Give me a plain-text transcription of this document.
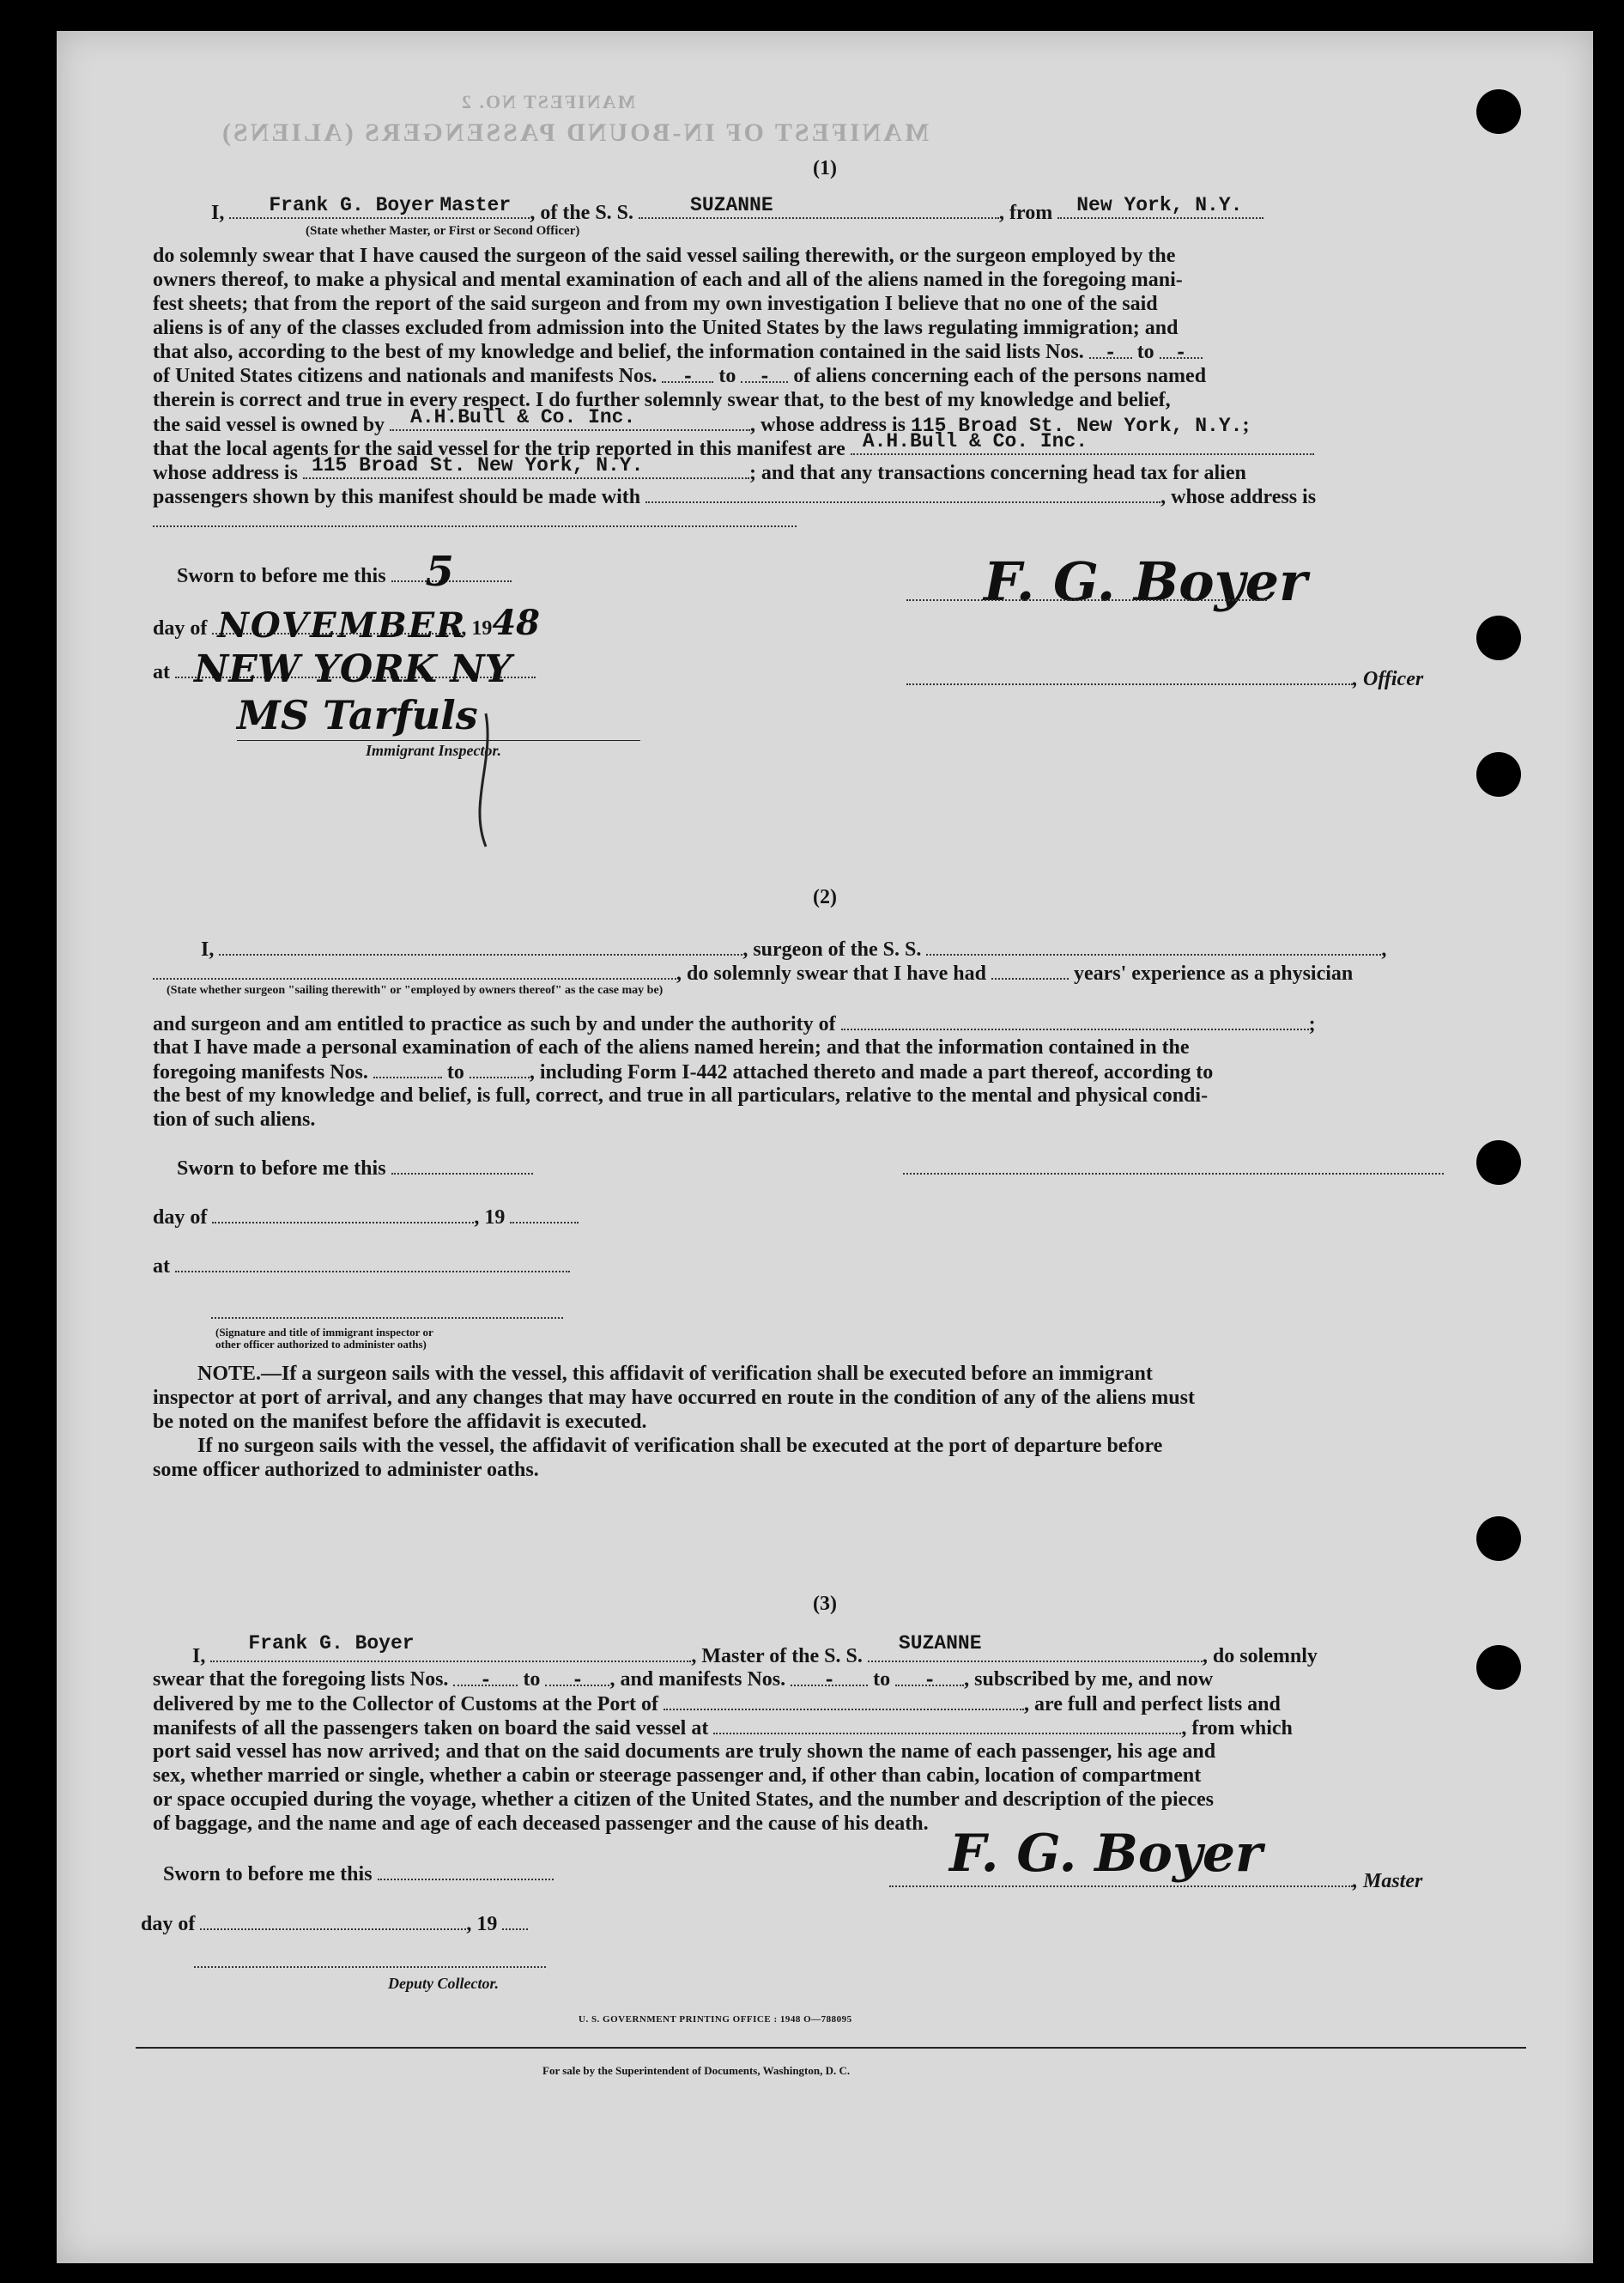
MANIFEST NO. 2
MANIFEST OF IN-BOUND PASSENGERS (ALIENS)
(1)
I, Frank G. Boyer Master , of the S. S.	SUZANNE	, from New York, N.Y.
(State whether Master, or First or Second Officer)
do solemnly swear that I have caused the surgeon of the said vessel sailing therewith, or the surgeon employed by the
owners thereof, to make a physical and mental examination of each and all of the aliens named in the foregoing mani-
fest sheets; that from the report of the said surgeon and from my own investigation I believe that no one of the said
aliens is of any of the classes excluded from admission into the United States by the laws regulating immigration; and
that also, according to the best of my knowledge and belief, the information contained in the said lists Nos. - to -
of United States citizens and nationals and manifests Nos. - to - of aliens concerning each of the persons named
therein is correct and true in every respect. I do further solemnly swear that, to the best of my knowledge and belief,
the said vessel is owned by A.H.Bull & Co. Inc.	, whose address is 115 Broad St. New York, N.Y.;
that the local agents for the said vessel for the trip reported in this manifest are A.H.Bull & Co. Inc.
whose address is 115 Broad St. New York, N.Y.	; and that any transactions concerning head tax for alien
passengers shown by this manifest should be made with	, whose address is
Sworn to before me this 5
day of NOVEMBER
, 1948
at NEW YORK NY
MS Tarfuls
Immigrant Inspector.
F. G. Boyer
, Officer
(2)
I,	, surgeon of the S. S.	,
, do solemnly swear that I have had	years' experience as a physician
(State whether surgeon "sailing therewith" or "employed by owners thereof" as the case may be)
and surgeon and am entitled to practice as such by and under the authority of	;
that I have made a personal examination of each of the aliens named herein; and that the information contained in the
foregoing manifests Nos.	to	, including Form I-442 attached thereto and made a part thereof, according to
the best of my knowledge and belief, is full, correct, and true in all particulars, relative to the mental and physical condi-
tion of such aliens.
Sworn to before me this
day of	, 19
at
(Signature and title of immigrant inspector or
other officer authorized to administer oaths)
NOTE.—If a surgeon sails with the vessel, this affidavit of verification shall be executed before an immigrant
inspector at port of arrival, and any changes that may have occurred en route in the condition of any of the aliens must
be noted on the manifest before the affidavit is executed.
If no surgeon sails with the vessel, the affidavit of verification shall be executed at the port of departure before
some officer authorized to administer oaths.
(3)
I,
Frank G. Boyer
, Master of the S. S.
SUZANNE
, do solemnly
swear that the foregoing lists Nos. - to - , and manifests Nos. - to - , subscribed by me, and now
delivered by me to the Collector of Customs at the Port of	, are full and perfect lists and
manifests of all the passengers taken on board the said vessel at	, from which
port said vessel has now arrived; and that on the said documents are truly shown the name of each passenger, his age and
sex, whether married or single, whether a cabin or steerage passenger and, if other than cabin, location of compartment
or space occupied during the voyage, whether a citizen of the United States, and the number and description of the pieces
of baggage, and the name and age of each deceased passenger and the cause of his death.
Sworn to before me this	F. G. Boyer	, Master
day of	, 19
Deputy Collector.
U. S. GOVERNMENT PRINTING OFFICE : 1948 O—788095
For sale by the Superintendent of Documents, Washington, D. C.
